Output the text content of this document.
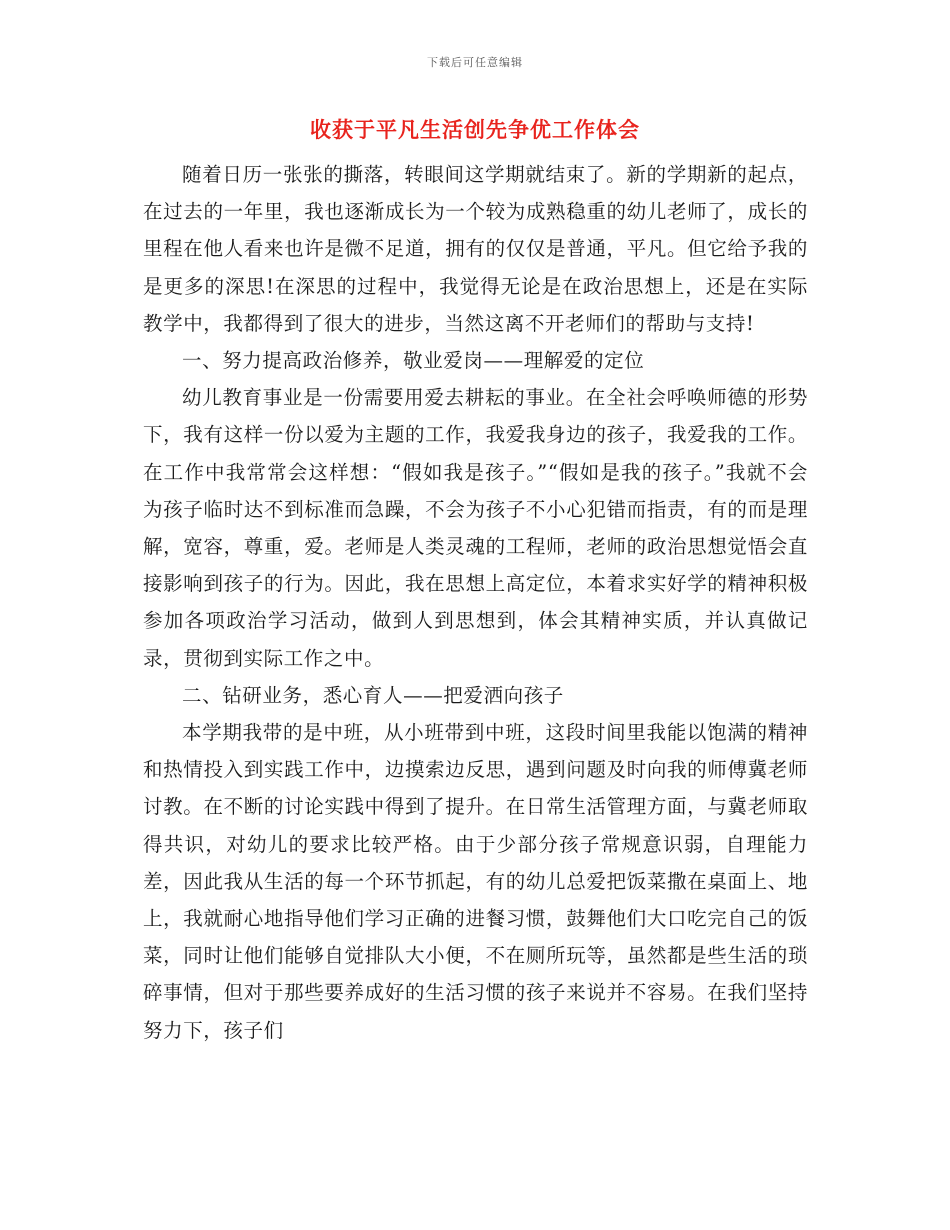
下载后可任意编辑
收获于平凡生活创先争优工作体会

随着日历一张张的撕落，转眼间这学期就结束了。新的学期新的起点，在过去的一年里，我也逐渐成长为一个较为成熟稳重的幼儿老师了，成长的里程在他人看来也许是微不足道，拥有的仅仅是普通，平凡。但它给予我的是更多的深思!在深思的过程中，我觉得无论是在政治思想上，还是在实际教学中，我都得到了很大的进步，当然这离不开老师们的帮助与支持!

一、努力提高政治修养，敬业爱岗——理解爱的定位

幼儿教育事业是一份需要用爱去耕耘的事业。在全社会呼唤师德的形势下，我有这样一份以爱为主题的工作，我爱我身边的孩子，我爱我的工作。在工作中我常常会这样想：“假如我是孩子。”“假如是我的孩子。”我就不会为孩子临时达不到标准而急躁，不会为孩子不小心犯错而指责，有的而是理解，宽容，尊重，爱。老师是人类灵魂的工程师，老师的政治思想觉悟会直接影响到孩子的行为。因此，我在思想上高定位，本着求实好学的精神积极参加各项政治学习活动，做到人到思想到，体会其精神实质，并认真做记录，贯彻到实际工作之中。

二、钻研业务，悉心育人——把爱洒向孩子

本学期我带的是中班，从小班带到中班，这段时间里我能以饱满的精神和热情投入到实践工作中，边摸索边反思，遇到问题及时向我的师傅冀老师讨教。在不断的讨论实践中得到了提升。在日常生活管理方面，与冀老师取得共识，对幼儿的要求比较严格。由于少部分孩子常规意识弱，自理能力差，因此我从生活的每一个环节抓起，有的幼儿总爱把饭菜撒在桌面上、地上，我就耐心地指导他们学习正确的进餐习惯，鼓舞他们大口吃完自己的饭菜，同时让他们能够自觉排队大小便，不在厕所玩等，虽然都是些生活的琐碎事情，但对于那些要养成好的生活习惯的孩子来说并不容易。在我们坚持努力下，孩子们
